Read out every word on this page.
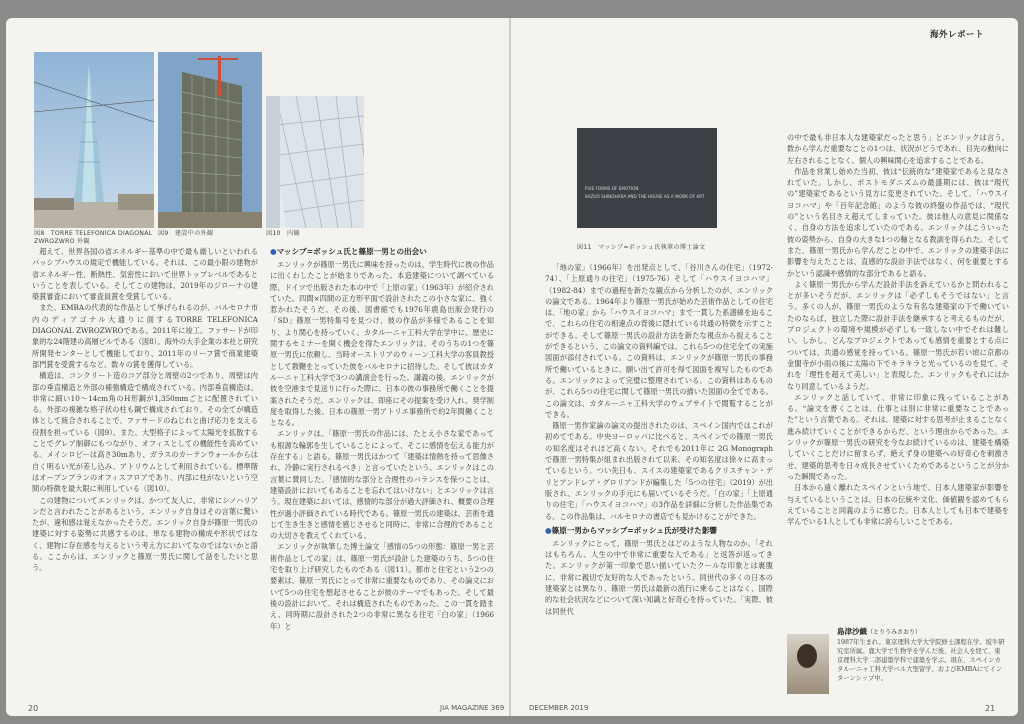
図8　TORRE TELEFONICA DIAGONAL ZWROZWRO 外観
図9　建設中の外観	図10　内観

超えて、世界各国の省エネルギー基準の中で最も厳しいといわれるパッシブハウスの規定で機能している。それは、この最小限の建物が省エネルギー性、断熱性、気密性において世界トップレベルであるということを表している。そしてこの建物は、2019年のジローナの建築賞審査において審査員賞を受賞している。

また、EMBAの代表的な作品として挙げられるのが、バルセロナ市内のディアゴナル大通りに面するTORRE TELEFONICA DIAGONAL ZWROZWROである。2011年に竣工。ファサードが印象的な24階建の高層ビルである（図8）。海外の大手企業の本社と研究所開発センターとして機能しており、2011年のリーフ賞で商業建築部門賞を受賞するなど、数々の賞を獲得している。

構造は、コンクリート造のコア部分と周壁の2つであり、周壁は内部の垂直構造と外部の補強構造で構成されている。内部垂直構造は、非常に細い10〜14cm角のH形鋼が1,350mmごとに配置されている。外部の複雑な格子状の柱も鋼で構成されており、その全てが構造体として統合されることで、ファサードのねじれと曲げ応力を支える役割を担っている（図9）。また、大型格子によって太陽光を拡散することでグレア制御にもつながり、オフィスとしての機能性を高めている。メインロビーは高さ30mあり、ガラスのカーテンウォールからは自く明るい光が差し込み、アトリウムとして利用されている。標準階はオープンプランのオフィスフロアであり、内部に柱がないという空間の特徴を最大限に利用している（図10）。

この建物についてエンリックは、かつて友人に、非常にシノハリアンだと言われたことがあるという。エンリック自身はその言葉に驚いたが、違和感は覚えなかったそうだ。エンリック自身が篠原一男氏の建築に対する姿勢に共感するのは、単なる建物の構成や形状ではなく、建物に存在感を与えるという考え方においてなのではないかと語る。ここからは、エンリックと篠原一男氏に関して話をしたいと思う。

●マッシブ=ボッシュ氏と篠原一男との出会い

エンリックが篠原一男氏に興味を持ったのは、学生時代に彼の作品に出くわしたことが始まりであった。本造建築について調べている際、ドイツで出版された本の中で「上原の家」（1963年）が紹介されていた。四間×四間の正方形平面で設計されたこの小さな家に、強く惹かれたそうだ。その後、図書館でも1976年鹿島出版会発行の「SD」篠原一男特集号を見つけ、彼の作品が多様であることを知り、より関心を持っていく。カタルーニャ工科大学在学中に、歴史に関するセミナーを開く機会を得たエンリックは、そのうちの1つを篠原一男氏に依頼し、当時オーストリアのウィーン工科大学の客員教授として教鞭をとっていた彼をバルセロナに招待した。そして彼はカタルーニャ工科大学で3つの講演会を行った。講義の後、エンリックが彼を空港まで見送りに行った際に、日本の彼の事務所で働くことを提案されたそうだ。エンリックは、即座にその提案を受け入れ、奨学制度を取得した後、日本の篠原一男アトリエ事務所で約2年間働くこととなる。

エンリックは、「篠原一男氏の作品には、たとえ小さな家であっても根源な輪郭を生していることによって、そこに感情を伝える能力が存在する」と語る。篠原一男氏はかつて「建築は情熱を持って思像され、冷静に実行されるべき」と言っていたという。エンリックはこの言葉に賛同した。「感情的な部分と合理性のバランスを保つことは、建築設計においてもあることを忘れてはいけない」とエンリックは言う。現在建築においては、感情的な部分が過大評価され、概要の合理性が過小評価されている時代である。篠原一男氏の建築は、芸術を通じて生き生きと感情を感じさせると同時に、非常に合理的であることの大切さを教えてくれている。

エンリックが執筆した博士論文「感情の5つの形態：篠原一男と芸術作品としての家」は、篠原一男氏が設計した建築のうち、5つの住宅を取り上げ研究したものである（図11）。都市と住宅という2つの要素は、篠原一男氏にとって非常に重要なものであり、その論文において5つの住宅を想起させることが彼のテーマでもあった。そして最後の設計において、それは構造されたものであった。この一貫を踏まえ、同時期に設計された2つの非常に異なる住宅「白の家」（1966年）と

20	JIA MAGAZINE 369
海外レポート
FIVE FORMS OF EMOTION
KAZUO SHINOHARA AND THE HOUSE AS A WORK OF ART
図11　マッシブ=ボッシュ氏執筆の博士論文

「地の家」（1966年）を出発点として、「谷川さんの住宅」（1972-74）、「上原通りの住宅」（1975-76）そして「ハウスイヨコハマ」（1982-84）までの過程を新たな観点から分析したのが、エンリックの論文である。1964年より篠原一男氏が始めた芸術作品としての住宅は、「地の家」から「ハウスイヨコハマ」まで一貫した系譜線を辿るこで、これらの住宅の相違点の背後に隠れている共通の特徴を示すことができる。そして篠原一男氏の設計方法を新たな視点から捉えることができるという。この論文の資料編では、これら5つの住宅全ての実施図面が添付されている。この資料は、エンリックが篠原一男氏の事務所で働いているときに、願い出て許可を得て図面を複写したものである。エンリックによって完璧に整理されている。この資料はあるものが、これら5つの住宅に関して篠原一男氏の描いた図面の全てである。この論文は、カタルーニャ工科大学のウェブサイトで閲覧することができる。

篠原一男作家論の論文の提出されたのは、スペイン国内ではこれが初めてである。中央ヨーロッパに比べると、スペインでの篠原一男氏の知名度はそれほど高くない。それでも2011年に 2G Monograph で篠原一男特集が組まれ出版されて以来、その知名度は徐々に高まっているという。つい先日も、スイスの建築家であるクリスチャン・デリとアンドレア・グロリアンドが編集した「5つの住宅」（2019）が出版され、エンリックの手元にも届いているそうだ。「白の家」「上原通りの住宅」「ハウスイヨコハマ」の3作品を詳細に分析した作品集である。この作品集は、バルセロナの書店でも見かけることができた。

●篠原一男からマッシブ=ボッシュ氏が受けた影響

エンリックにとって、篠原一男氏とはどのような人物なのか。「それはもちろん、人生の中で非常に重要な人である」と返答が返ってきた。エンリックが第一印象で思い描いていたクールな印象とは裏腹に、非常に親切で友好的な人であったという。同世代の多くの日本の建築家とは異なり、篠原一男氏は最新の流行に乗ることはなく、国際的な社会状況などについて深い知識と好奇心を持っていた。「実際、彼は同世代

の中で最も非日本人な建築家だったと思う」とエンリックは言う。数から学んだ重要なことの1つは、状況がどうであれ、目先の動向に左右されることなく、個人の興味関心を追求することである。

作品を営業し始めた当初、彼は“伝統的な”建築家であると見なされていた。しかし、ポストモダニズムの最盛期には、彼は“現代の”建築家であるという見方に変更されていた。そして、「ハウスイヨコハマ」や「百年記念館」のような彼の終盤の作品では、“現代の”という名目さえ超えてしまっていた。彼は他人の意見に関係なく、自身の方法を追求していたのである。エンリックはこういった彼の姿勢から、自身の大きな1つの軸となる教訓を得られた。そしてまた、篠原一男氏から学んだことの中で、エンリックの建築手法に影響を与えたことは、直感的な設計手法ではなく、何を重要とするかという認識や感情的な部分であると語る。

よく篠原一男氏から学んだ設計手法を訴えているかと問われることが多いそうだが、エンリックは「必ずしもそうではない」と言う。多くの人が、篠原一男氏のような有名な建築家の下で働いていたのならば、独立した際に設計手法を継承すると考えるものだが、プロジェクトの環境や規模が必ずしも一致しない中でそれは難しい。しかし、どんなプロジェクトであっても感情を重要とする点については、共通の感覚を持っている。篠原一男氏が若い頃に京都の金閣寺が小雨の後に太陽の下でキラキラと光っているのを見て、それを「理性を超えて美しい」と表現した。エンリックもそれにはかなり同意しているようだ。

エンリックと話していて、非常に印象に残っていることがある。“論文を書くことは、仕事とは別に非常に重要なことであった”という言葉である。それは、建築に対する思考が止まることなく進み続けていくことができるからだ、という理由からであった。エンリックが篠原一男氏の研究を今なお続けているのは、建築を構築していくことだけに留まらず、絶えず身の建築への好奇心を刺激させ、建築的思考を日々成長させていくためであるということが分かった瞬間であった。

日本から遠く離れたスペインという地で、日本人建築家が影響を与えているということは、日本の伝統や文化、価値観を認めてもらえていることと同義のように感じた。日本人としても日本で建築を学んでいる1人としても非常に誇らしいことである。

島津沙織（とりうみさおり）
1987年生まれ。東京理科大学大学院修士課程在学。坂牛研究室所属。鹿大学で生物学を学んだ後、社会人を経て、東京理科大学二部建築学科で建築を学ぶ。現在、スペインカタルーニャ工科大学ベル大聖留学、およびEMBAにてインターンシップ中。
DECEMBER 2019	21
